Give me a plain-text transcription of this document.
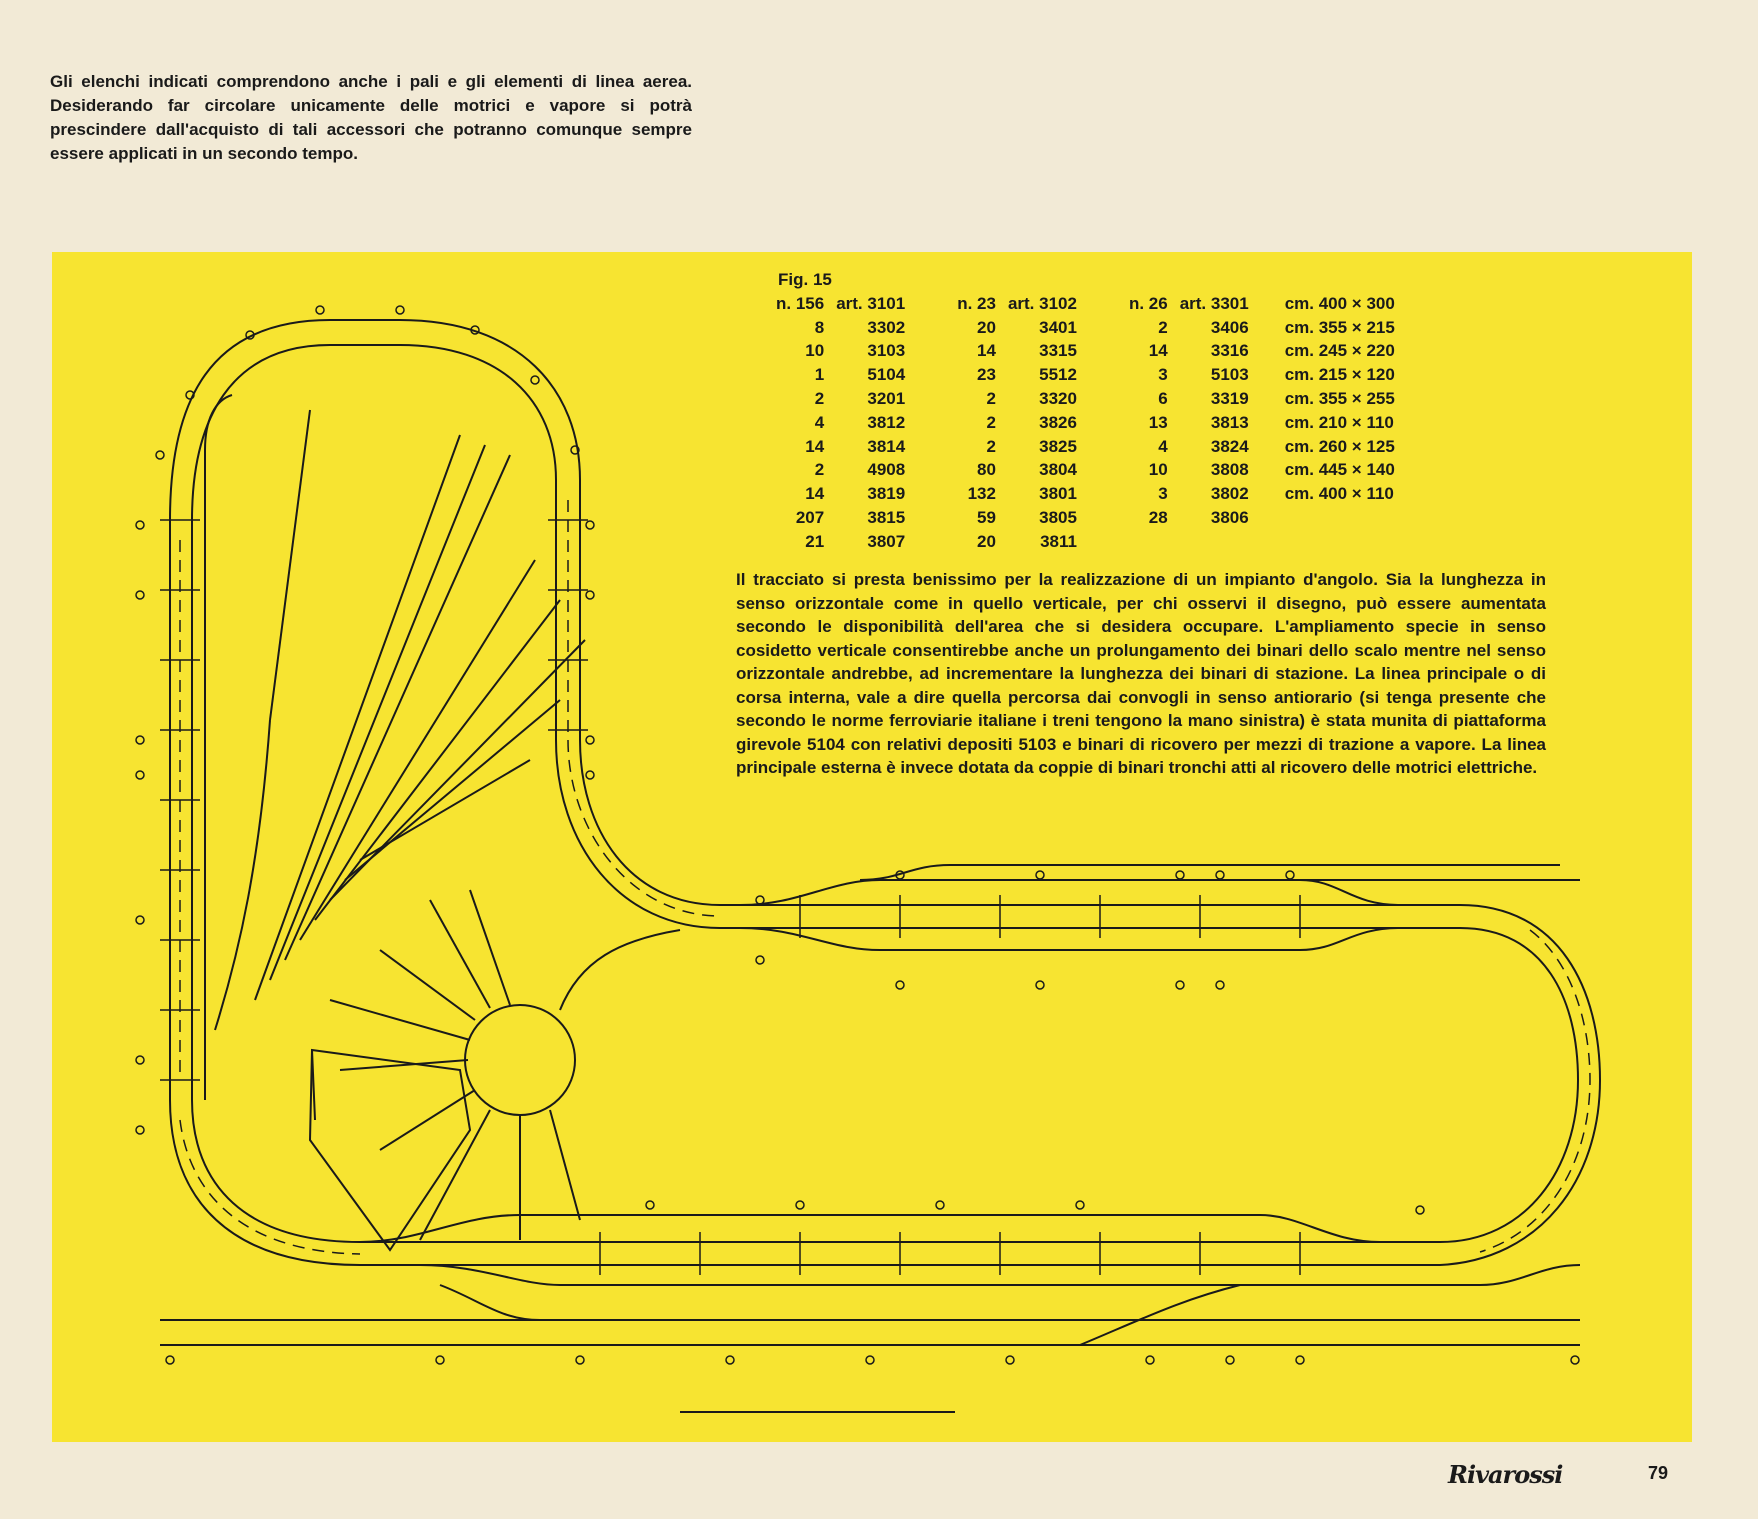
Gli elenchi indicati comprendono anche i pali e gli elementi di linea aerea. Desiderando far circolare unicamente delle motrici e vapore si potrà prescindere dall'acquisto di tali accessori che potranno comunque sempre essere applicati in un secondo tempo.

Fig. 15
n. 156	art. 3101		n. 23	art. 3102		n. 26	art. 3301	cm. 400 × 300
8	3302		20	3401		2	3406	cm. 355 × 215
10	3103		14	3315		14	3316	cm. 245 × 220
1	5104		23	5512		3	5103	cm. 215 × 120
2	3201		2	3320		6	3319	cm. 355 × 255
4	3812		2	3826		13	3813	cm. 210 × 110
14	3814		2	3825		4	3824	cm. 260 × 125
2	4908		80	3804		10	3808	cm. 445 × 140
14	3819		132	3801		3	3802	cm. 400 × 110
207	3815		59	3805		28	3806	
21	3807		20	3811				

Il tracciato si presta benissimo per la realizzazione di un impianto d'angolo. Sia la lunghezza in senso orizzontale come in quello verticale, per chi osservi il disegno, può essere aumentata secondo le disponibilità dell'area che si desidera occupare. L'ampliamento specie in senso cosidetto verticale consentirebbe anche un prolungamento dei binari dello scalo mentre nel senso orizzontale andrebbe, ad incrementare la lunghezza dei binari di stazione. La linea principale o di corsa interna, vale a dire quella percorsa dai convogli in senso antiorario (si tenga presente che secondo le norme ferroviarie italiane i treni tengono la mano sinistra) è stata munita di piattaforma girevole 5104 con relativi depositi 5103 e binari di ricovero per mezzi di trazione a vapore. La linea principale esterna è invece dotata da coppie di binari tronchi atti al ricovero delle motrici elettriche.

Rivarossi	79
